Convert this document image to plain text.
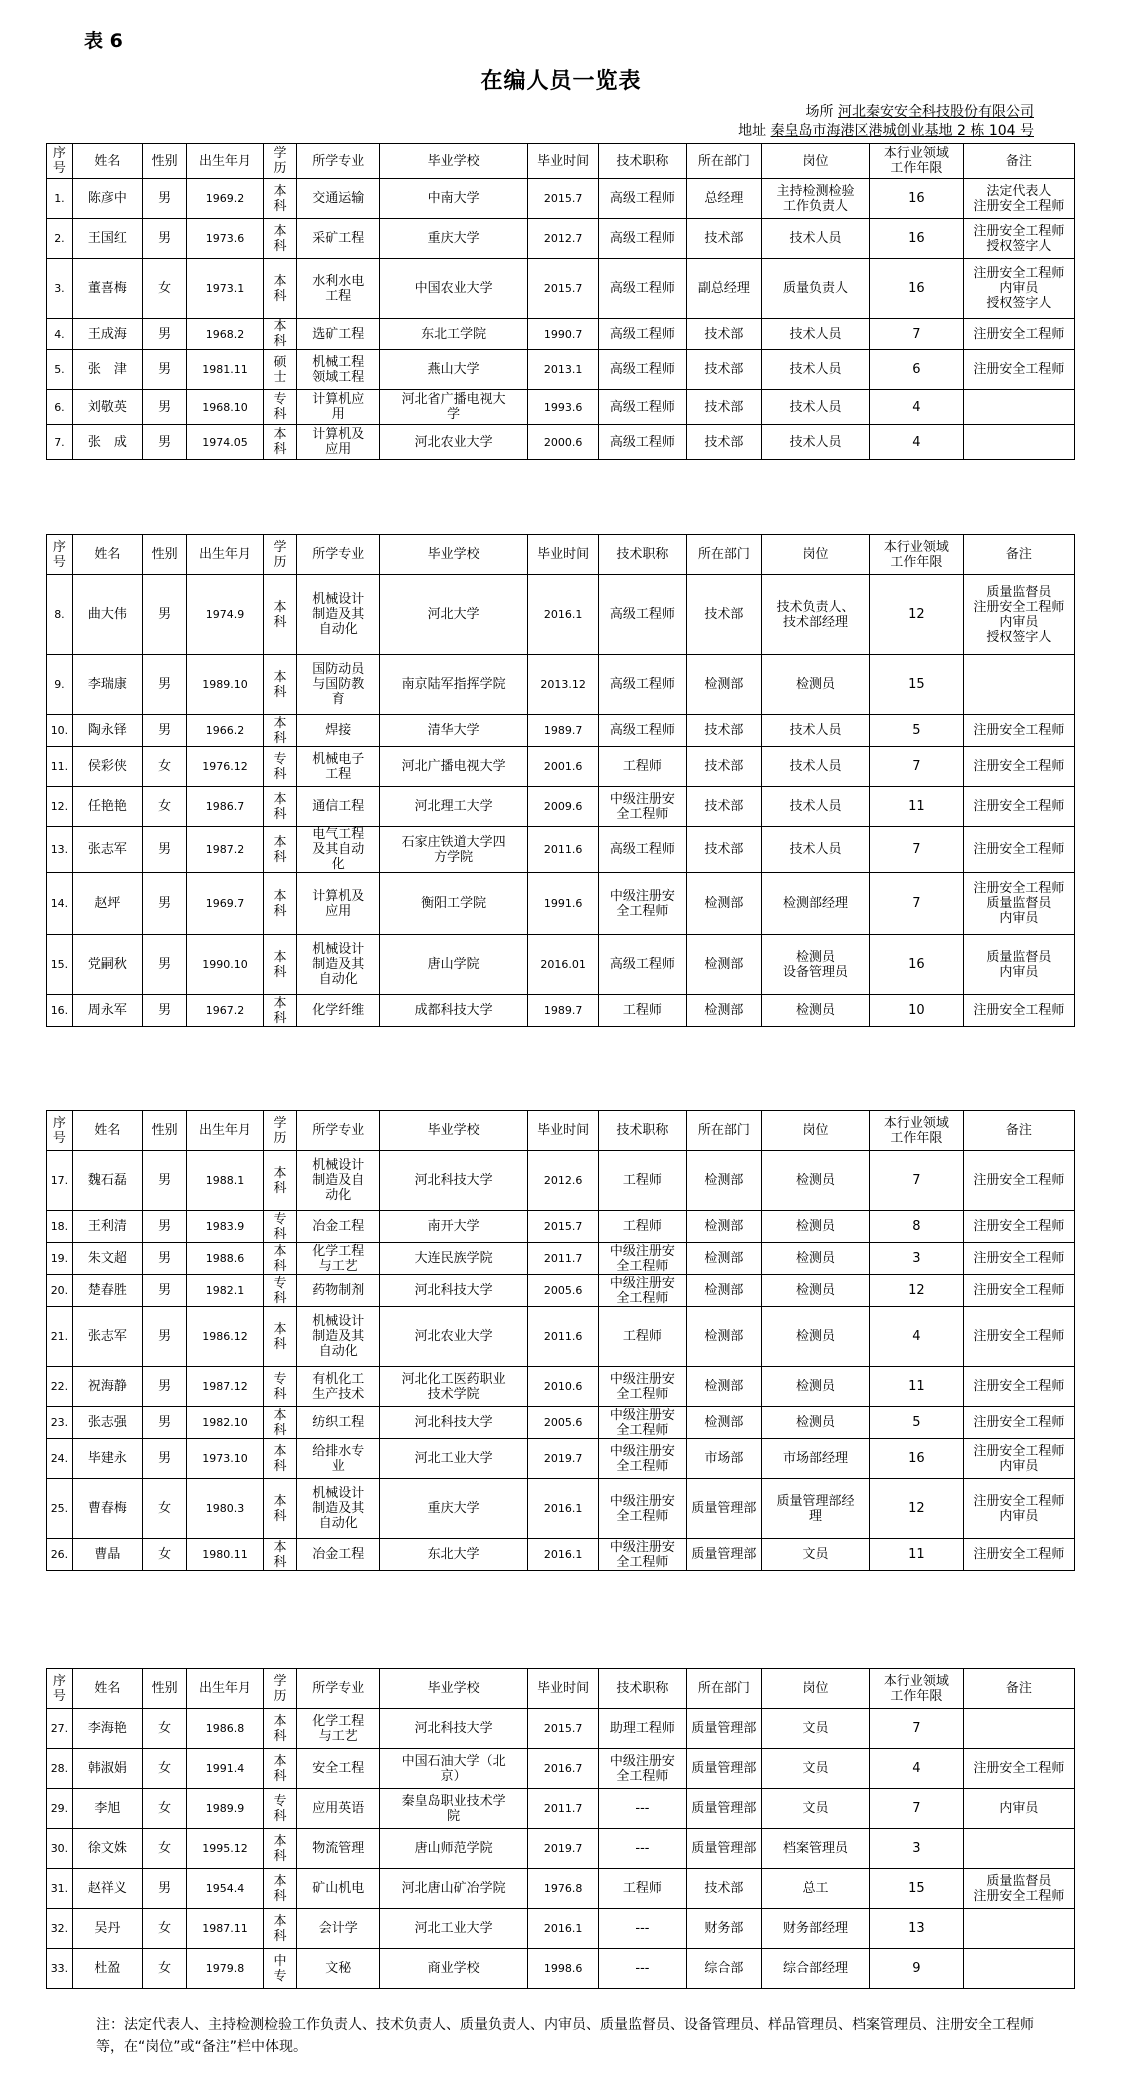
表 6
在编人员一览表
场所 河北秦安安全科技股份有限公司
地址 秦皇岛市海港区港城创业基地 2 栋 104 号
序
号	姓名	性别	出生年月	学
历	所学专业	毕业学校	毕业时间	技术职称	所在部门	岗位	本行业领域
工作年限	备注
1.	陈彦中	男	1969.2	本
科	交通运输	中南大学	2015.7	高级工程师	总经理	主持检测检验
工作负责人	16	法定代表人
注册安全工程师
2.	王国红	男	1973.6	本
科	采矿工程	重庆大学	2012.7	高级工程师	技术部	技术人员	16	注册安全工程师
授权签字人
3.	董喜梅	女	1973.1	本
科	水利水电
工程	中国农业大学	2015.7	高级工程师	副总经理	质量负责人	16	注册安全工程师
内审员
授权签字人
4.	王成海	男	1968.2	本
科	选矿工程	东北工学院	1990.7	高级工程师	技术部	技术人员	7	注册安全工程师
5.	张　津	男	1981.11	硕
士	机械工程
领域工程	燕山大学	2013.1	高级工程师	技术部	技术人员	6	注册安全工程师
6.	刘敬英	男	1968.10	专
科	计算机应
用	河北省广播电视大
学	1993.6	高级工程师	技术部	技术人员	4	
7.	张　成	男	1974.05	本
科	计算机及
应用	河北农业大学	2000.6	高级工程师	技术部	技术人员	4	
序
号	姓名	性别	出生年月	学
历	所学专业	毕业学校	毕业时间	技术职称	所在部门	岗位	本行业领域
工作年限	备注
8.	曲大伟	男	1974.9	本
科	机械设计
制造及其
自动化	河北大学	2016.1	高级工程师	技术部	技术负责人、
技术部经理	12	质量监督员
注册安全工程师
内审员
授权签字人
9.	李瑞康	男	1989.10	本
科	国防动员
与国防教
育	南京陆军指挥学院	2013.12	高级工程师	检测部	检测员	15	
10.	陶永铎	男	1966.2	本
科	焊接	清华大学	1989.7	高级工程师	技术部	技术人员	5	注册安全工程师
11.	侯彩侠	女	1976.12	专
科	机械电子
工程	河北广播电视大学	2001.6	工程师	技术部	技术人员	7	注册安全工程师
12.	任艳艳	女	1986.7	本
科	通信工程	河北理工大学	2009.6	中级注册安
全工程师	技术部	技术人员	11	注册安全工程师
13.	张志军	男	1987.2	本
科	电气工程
及其自动
化	石家庄铁道大学四
方学院	2011.6	高级工程师	技术部	技术人员	7	注册安全工程师
14.	赵坪	男	1969.7	本
科	计算机及
应用	衡阳工学院	1991.6	中级注册安
全工程师	检测部	检测部经理	7	注册安全工程师
质量监督员
内审员
15.	党嗣秋	男	1990.10	本
科	机械设计
制造及其
自动化	唐山学院	2016.01	高级工程师	检测部	检测员
设备管理员	16	质量监督员
内审员
16.	周永军	男	1967.2	本
科	化学纤维	成都科技大学	1989.7	工程师	检测部	检测员	10	注册安全工程师
序
号	姓名	性别	出生年月	学
历	所学专业	毕业学校	毕业时间	技术职称	所在部门	岗位	本行业领域
工作年限	备注
17.	魏石磊	男	1988.1	本
科	机械设计
制造及自
动化	河北科技大学	2012.6	工程师	检测部	检测员	7	注册安全工程师
18.	王利清	男	1983.9	专
科	冶金工程	南开大学	2015.7	工程师	检测部	检测员	8	注册安全工程师
19.	朱文超	男	1988.6	本
科	化学工程
与工艺	大连民族学院	2011.7	中级注册安
全工程师	检测部	检测员	3	注册安全工程师
20.	楚春胜	男	1982.1	专
科	药物制剂	河北科技大学	2005.6	中级注册安
全工程师	检测部	检测员	12	注册安全工程师
21.	张志军	男	1986.12	本
科	机械设计
制造及其
自动化	河北农业大学	2011.6	工程师	检测部	检测员	4	注册安全工程师
22.	祝海静	男	1987.12	专
科	有机化工
生产技术	河北化工医药职业
技术学院	2010.6	中级注册安
全工程师	检测部	检测员	11	注册安全工程师
23.	张志强	男	1982.10	本
科	纺织工程	河北科技大学	2005.6	中级注册安
全工程师	检测部	检测员	5	注册安全工程师
24.	毕建永	男	1973.10	本
科	给排水专
业	河北工业大学	2019.7	中级注册安
全工程师	市场部	市场部经理	16	注册安全工程师
内审员
25.	曹春梅	女	1980.3	本
科	机械设计
制造及其
自动化	重庆大学	2016.1	中级注册安
全工程师	质量管理部	质量管理部经
理	12	注册安全工程师
内审员
26.	曹晶	女	1980.11	本
科	冶金工程	东北大学	2016.1	中级注册安
全工程师	质量管理部	文员	11	注册安全工程师
序
号	姓名	性别	出生年月	学
历	所学专业	毕业学校	毕业时间	技术职称	所在部门	岗位	本行业领域
工作年限	备注
27.	李海艳	女	1986.8	本
科	化学工程
与工艺	河北科技大学	2015.7	助理工程师	质量管理部	文员	7	
28.	韩淑娟	女	1991.4	本
科	安全工程	中国石油大学（北
京）	2016.7	中级注册安
全工程师	质量管理部	文员	4	注册安全工程师
29.	李旭	女	1989.9	专
科	应用英语	秦皇岛职业技术学
院	2011.7	---	质量管理部	文员	7	内审员
30.	徐文姝	女	1995.12	本
科	物流管理	唐山师范学院	2019.7	---	质量管理部	档案管理员	3	
31.	赵祥义	男	1954.4	本
科	矿山机电	河北唐山矿冶学院	1976.8	工程师	技术部	总工	15	质量监督员
注册安全工程师
32.	吴丹	女	1987.11	本
科	会计学	河北工业大学	2016.1	---	财务部	财务部经理	13	
33.	杜盈	女	1979.8	中
专	文秘	商业学校	1998.6	---	综合部	综合部经理	9	
注：法定代表人、主持检测检验工作负责人、技术负责人、质量负责人、内审员、质量监督员、设备管理员、样品管理员、档案管理员、注册安全工程师等，在“岗位”或“备注”栏中体现。
